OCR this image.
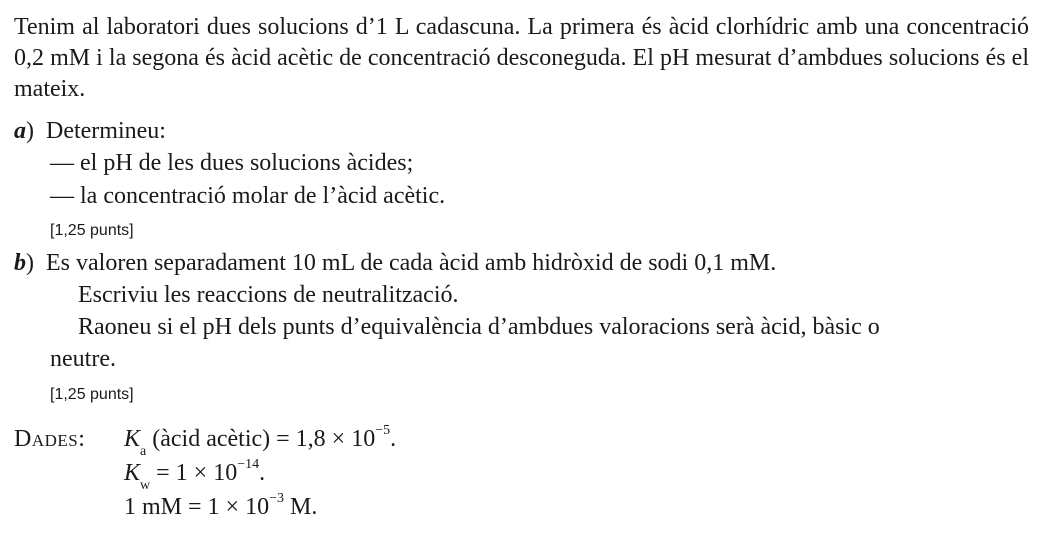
Tenim al laboratori dues solucions d’1 L cadascuna. La primera és àcid clorhídric amb una concentració 0,2 mM i la segona és àcid acètic de concentració desconeguda. El pH mesurat d’ambdues solucions és el mateix.
a) Determineu:
— el pH de les dues solucions àcides;
— la concentració molar de l’àcid acètic.
[1,25 punts]
b) Es valoren separadament 10 mL de cada àcid amb hidròxid de sodi 0,1 mM.
Escriviu les reaccions de neutralització.
Raoneu si el pH dels punts d’equivalència d’ambdues valoracions serà àcid, bàsic o
neutre.
[1,25 punts]
Dades: $K_a$ (àcid acètic) = $1,8 \times 10^{-5}$.
$K_w = 1 \times 10^{-14}$.
1 mM = $1 \times 10^{-3}$ M.
